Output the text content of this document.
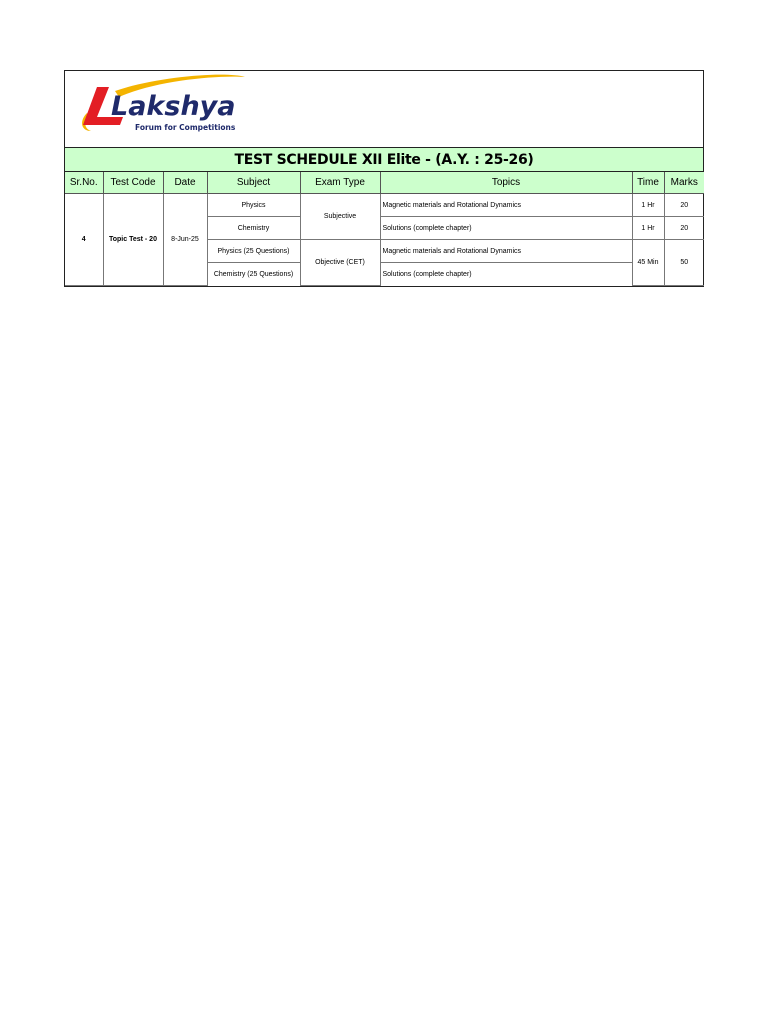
Lakshya
Forum for Competitions
TEST SCHEDULE XII Elite - (A.Y. : 25-26)
Sr.No.	Test Code	Date	Subject	Exam Type	Topics	Time	Marks
4	Topic Test - 20	8-Jun-25	Physics	Subjective	Magnetic materials and Rotational Dynamics	1 Hr	20
			Chemistry		Solutions (complete chapter)	1 Hr	20
			Physics (25 Questions)	Objective (CET)	Magnetic materials and Rotational Dynamics	45 Min	50
			Chemistry (25 Questions)		Solutions (complete chapter)		
